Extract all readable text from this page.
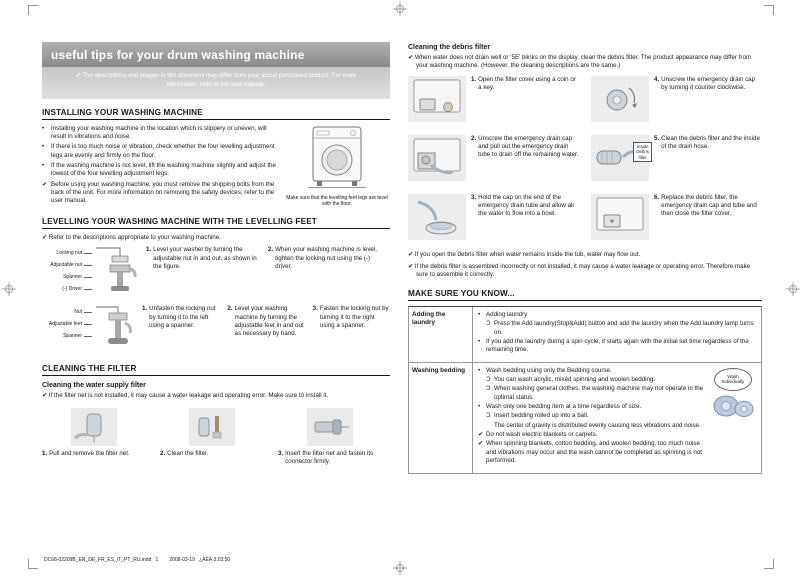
useful tips for your drum washing machine
✔ The descriptions and images in this document may differ from your actual purchased product. For more information, refer to the user manual.
INSTALLING YOUR WASHING MACHINE
•	Installing your washing machine in the location which is slippery or uneven, will result in vibrations and noise.
•	If there is too much noise or vibration, check whether the four levelling adjustment legs are evenly and firmly on the floor.
•	If the washing machine is not level, lift the washing machine slightly and adjust the lowest of the four levelling adjustment legs.
✔ Before using your washing machine, you must remove the shipping bolts from the back of the unit. For more information on removing the safety devices, refer to the user manual.	Make sure that the levelling feet legs are level with the floor.
LEVELLING YOUR WASHING MACHINE WITH THE LEVELLING FEET
✔ Refer to the descriptions appropriate to your washing machine.
Locking nut
Adjustable nut
Spanner
(-) Driver
1. Level your washer by turning the adjustable nut in and out, as shown in the figure.
2. When your washing machine is level, tighten the locking nut using the (-) driver.
Nut
Adjustable feet
Spanner
1. Unfasten the locking nut by turning it to the left using a spanner.
2. Level your washing machine by turning the adjustable feet in and out as necessary by hand.
3. Fasten the locking nut by turning it to the right using a spanner.
CLEANING THE FILTER
Cleaning the water supply filter
✔ If the filter net is not installed, it may cause a water leakage and operating error. Make sure to install it.
1. Pull and remove the filter net.	2. Clean the filter.	3. Insert the filter net and fasten its connector firmly.
Cleaning the debris filter
✔ When water does not drain well or ‘5E’ blinks on the display, clean the debris filter. The product appearance may differ from your washing machine. (However, the cleaning descriptions are the same.)
1. Open the filter cover using a coin or a key.
4. Unscrew the emergency drain cap by turning it counter clockwise.
2. Unscrew the emergency drain cap and pull out the emergency drain tube to drain off the remaining water.
Inside
Debris
filter
5. Clean the debris filter and the inside of the drain hose.
3. Hold the cap on the end of the emergency drain tube and allow all the water to flow into a bowl.
6. Replace the debris filter, the emergency drain cap and tube and then close the filter cover.
✔ If you open the debris filter when water remains inside the tub, water may flow out.
✔ If the debris filter is assembled incorrectly or not installed, it may cause a water leakage or operating error. Therefore make sure to assemble it correctly.
MAKE SURE YOU KNOW...
Adding the laundry
• Adding laundry
Ɔ Press the Add laundry(Stop&Add) button and add the laundry when the Add laundry lamp turns on.
• If you add the laundry during a spin cycle, it starts again with the initial set time regardless of the remaining time.
Washing bedding	• Wash bedding using only the Bedding course.
Ɔ You can wash acrylic, mixed spinning and woolen bedding.
Ɔ When washing general clothes, the washing machine may not operate in the optimal status.
• Wash only one bedding item at a time regardless of size.
Ɔ Insert bedding rolled up into a ball.
The center of gravity is distributed evenly causing less vibrations and noise.
✔ Do not wash electric blankets or carpets.
✔ When spinning blankets, cotton bedding, and woolen bedding, too much noise and vibrations may occur and the wash cannot be completed as spinning is not performed.
Wash Individually
DC68-02209B_EN_DE_FR_ES_IT_PT_RU.indd   1        2008-03-19   ¿ÀÈÄ 3:03:50
